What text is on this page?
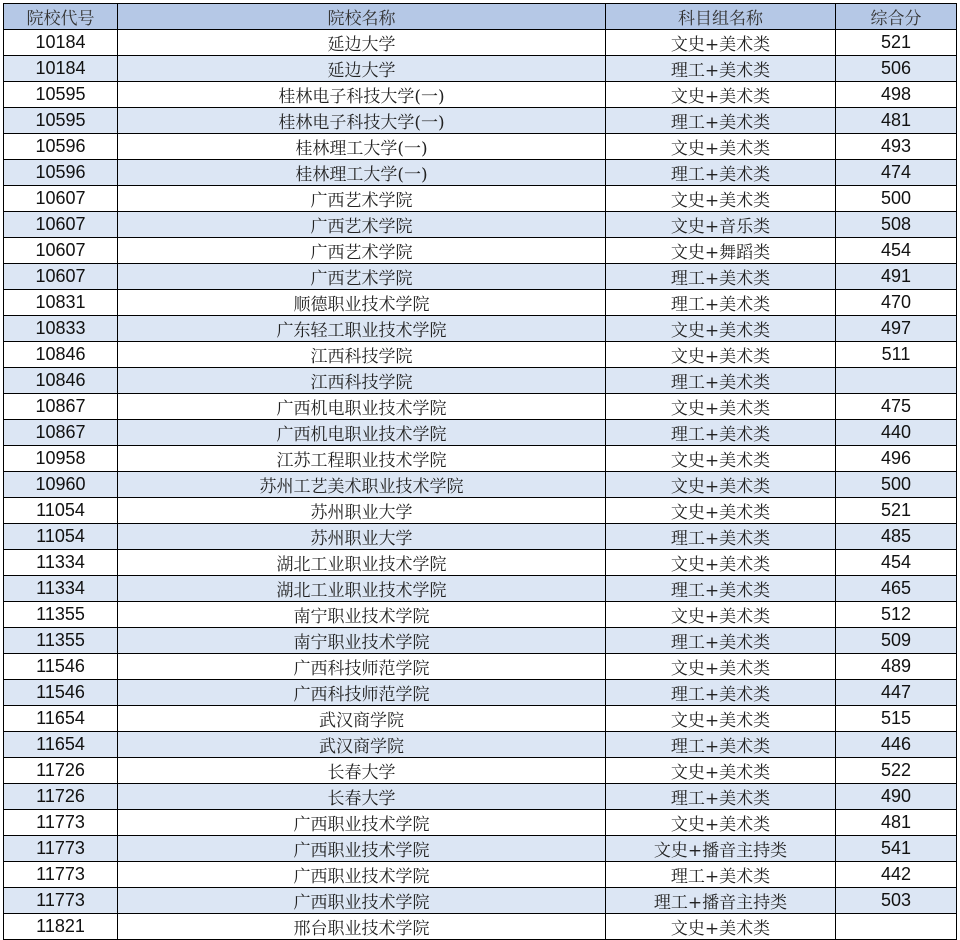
院校代号	院校名称	科目组名称	综合分
10184	延边大学	文史+美术类	521
10184	延边大学	理工+美术类	506
10595	桂林电子科技大学(一)	文史+美术类	498
10595	桂林电子科技大学(一)	理工+美术类	481
10596	桂林理工大学(一)	文史+美术类	493
10596	桂林理工大学(一)	理工+美术类	474
10607	广西艺术学院	文史+美术类	500
10607	广西艺术学院	文史+音乐类	508
10607	广西艺术学院	文史+舞蹈类	454
10607	广西艺术学院	理工+美术类	491
10831	顺德职业技术学院	理工+美术类	470
10833	广东轻工职业技术学院	文史+美术类	497
10846	江西科技学院	文史+美术类	511
10846	江西科技学院	理工+美术类	
10867	广西机电职业技术学院	文史+美术类	475
10867	广西机电职业技术学院	理工+美术类	440
10958	江苏工程职业技术学院	文史+美术类	496
10960	苏州工艺美术职业技术学院	文史+美术类	500
11054	苏州职业大学	文史+美术类	521
11054	苏州职业大学	理工+美术类	485
11334	湖北工业职业技术学院	文史+美术类	454
11334	湖北工业职业技术学院	理工+美术类	465
11355	南宁职业技术学院	文史+美术类	512
11355	南宁职业技术学院	理工+美术类	509
11546	广西科技师范学院	文史+美术类	489
11546	广西科技师范学院	理工+美术类	447
11654	武汉商学院	文史+美术类	515
11654	武汉商学院	理工+美术类	446
11726	长春大学	文史+美术类	522
11726	长春大学	理工+美术类	490
11773	广西职业技术学院	文史+美术类	481
11773	广西职业技术学院	文史+播音主持类	541
11773	广西职业技术学院	理工+美术类	442
11773	广西职业技术学院	理工+播音主持类	503
11821	邢台职业技术学院	文史+美术类	
